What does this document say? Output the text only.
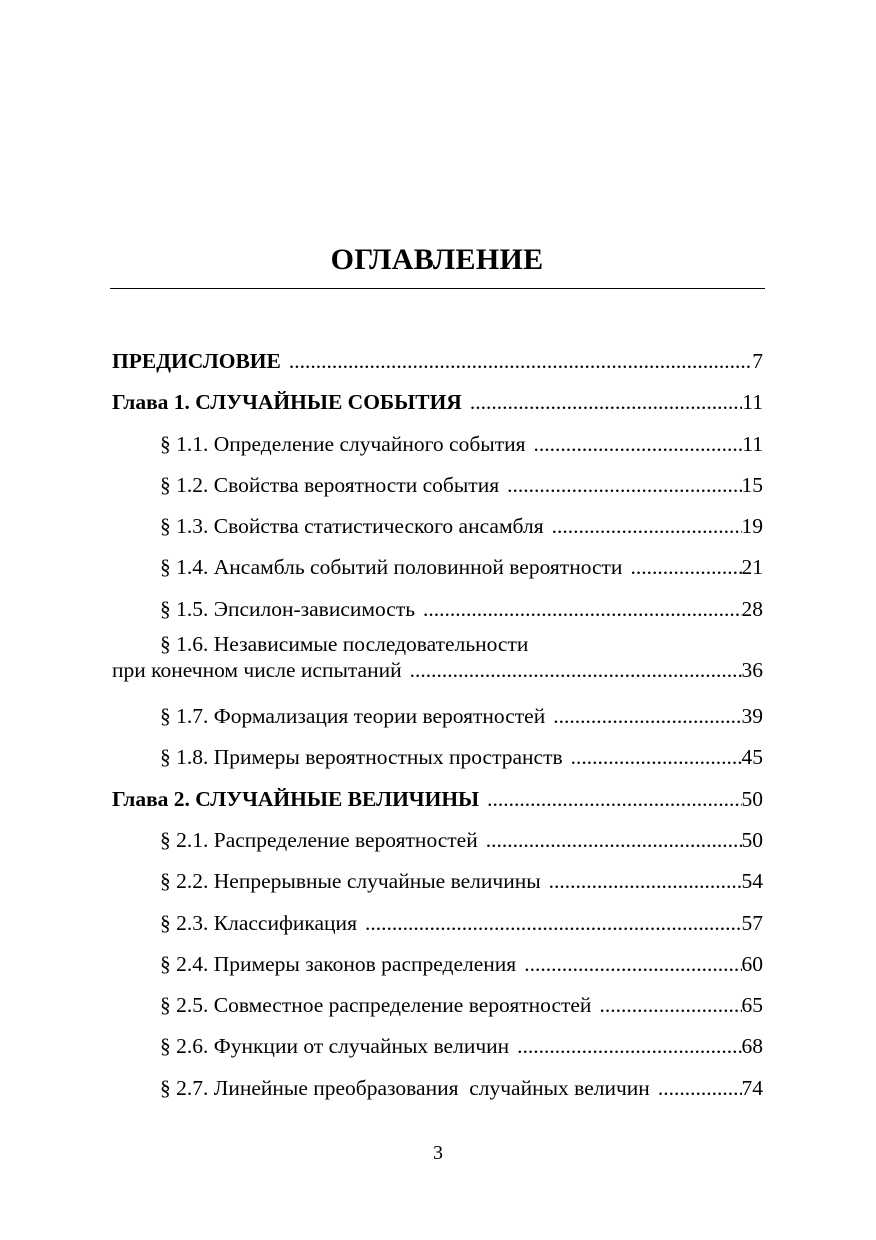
ОГЛАВЛЕНИЕ
ПРЕДИСЛОВИЕ .....	7
Глава 1. СЛУЧАЙНЫЕ СОБЫТИЯ .....	11
§ 1.1. Определение случайного события .....	11
§ 1.2. Свойства вероятности события .....	15
§ 1.3. Свойства статистического ансамбля .....	19
§ 1.4. Ансамбль событий половинной вероятности .....	21
§ 1.5. Эпсилон-зависимость .....	28
§ 1.6. Независимые последовательности
при конечном числе испытаний .....	36
§ 1.7. Формализация теории вероятностей .....	39
§ 1.8. Примеры вероятностных пространств .....	45
Глава 2. СЛУЧАЙНЫЕ ВЕЛИЧИНЫ .....	50
§ 2.1. Распределение вероятностей .....	50
§ 2.2. Непрерывные случайные величины .....	54
§ 2.3. Классификация .....	57
§ 2.4. Примеры законов распределения .....	60
§ 2.5. Совместное распределение вероятностей .....	65
§ 2.6. Функции от случайных величин .....	68
§ 2.7. Линейные преобразования  случайных величин .....	74
3
